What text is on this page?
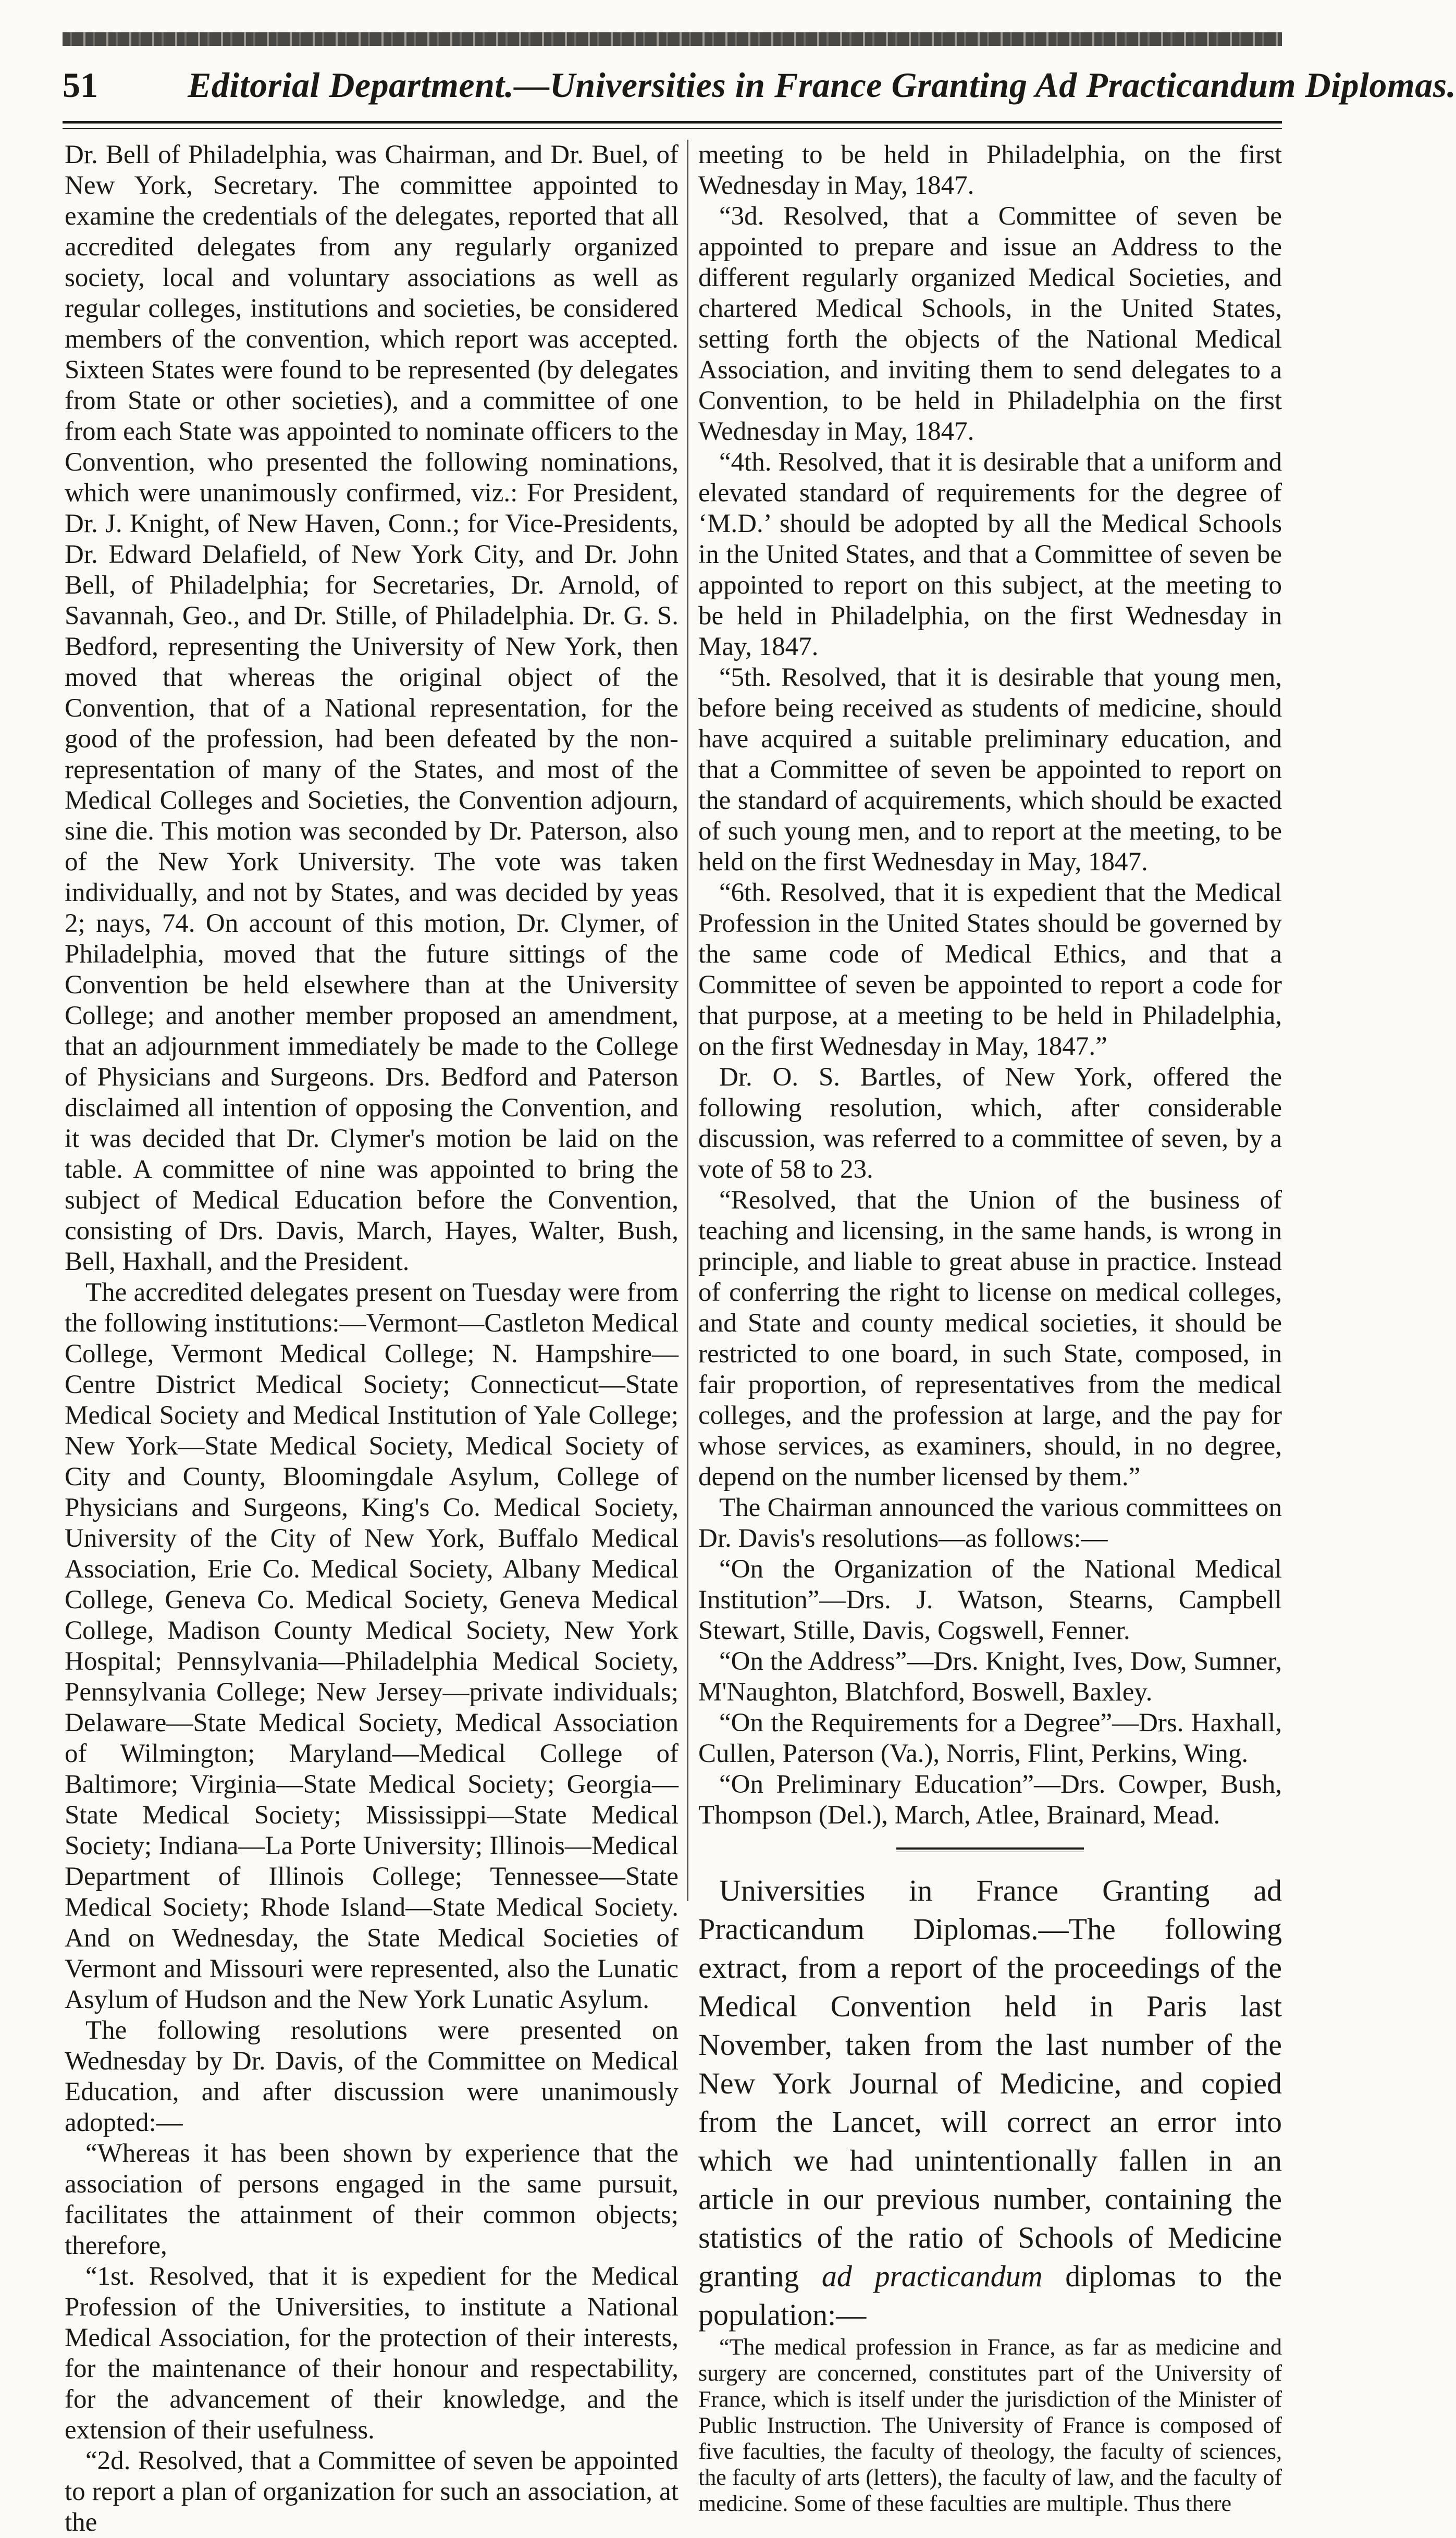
51	Editorial Department.—Universities in France Granting Ad Practicandum Diplomas.

Dr. Bell of Philadelphia, was Chairman, and Dr. Buel, of New York, Secretary. The committee appointed to examine the credentials of the delegates, reported that all accredited delegates from any regularly organized society, local and voluntary associations as well as regular colleges, institutions and societies, be considered members of the convention, which report was accepted. Sixteen States were found to be represented (by delegates from State or other societies), and a committee of one from each State was appointed to nominate officers to the Convention, who presented the following nominations, which were unanimously confirmed, viz.: For President, Dr. J. Knight, of New Haven, Conn.; for Vice-Presidents, Dr. Edward Delafield, of New York City, and Dr. John Bell, of Philadelphia; for Secretaries, Dr. Arnold, of Savannah, Geo., and Dr. Stille, of Philadelphia. Dr. G. S. Bedford, representing the University of New York, then moved that whereas the original object of the Convention, that of a National representation, for the good of the profession, had been defeated by the non-representation of many of the States, and most of the Medical Colleges and Societies, the Convention adjourn, sine die. This motion was seconded by Dr. Paterson, also of the New York University. The vote was taken individually, and not by States, and was decided by yeas 2; nays, 74. On account of this motion, Dr. Clymer, of Philadelphia, moved that the future sittings of the Convention be held elsewhere than at the University College; and another member proposed an amendment, that an adjournment immediately be made to the College of Physicians and Surgeons. Drs. Bedford and Paterson disclaimed all intention of opposing the Convention, and it was decided that Dr. Clymer's motion be laid on the table. A committee of nine was appointed to bring the subject of Medical Education before the Convention, consisting of Drs. Davis, March, Hayes, Walter, Bush, Bell, Haxhall, and the President.

The accredited delegates present on Tuesday were from the following institutions:—Vermont—Castleton Medical College, Vermont Medical College; N. Hampshire—Centre District Medical Society; Connecticut—State Medical Society and Medical Institution of Yale College; New York—State Medical Society, Medical Society of City and County, Bloomingdale Asylum, College of Physicians and Surgeons, King's Co. Medical Society, University of the City of New York, Buffalo Medical Association, Erie Co. Medical Society, Albany Medical College, Geneva Co. Medical Society, Geneva Medical College, Madison County Medical Society, New York Hospital; Pennsylvania—Philadelphia Medical Society, Pennsylvania College; New Jersey—private individuals; Delaware—State Medical Society, Medical Association of Wilmington; Maryland—Medical College of Baltimore; Virginia—State Medical Society; Georgia—State Medical Society; Mississippi—State Medical Society; Indiana—La Porte University; Illinois—Medical Department of Illinois College; Tennessee—State Medical Society; Rhode Island—State Medical Society. And on Wednesday, the State Medical Societies of Vermont and Missouri were represented, also the Lunatic Asylum of Hudson and the New York Lunatic Asylum.

The following resolutions were presented on Wednesday by Dr. Davis, of the Committee on Medical Education, and after discussion were unanimously adopted:—

“Whereas it has been shown by experience that the association of persons engaged in the same pursuit, facilitates the attainment of their common objects; therefore,

“1st. Resolved, that it is expedient for the Medical Profession of the Universities, to institute a National Medical Association, for the protection of their interests, for the maintenance of their honour and respectability, for the advancement of their knowledge, and the extension of their usefulness.

“2d. Resolved, that a Committee of seven be appointed to report a plan of organization for such an association, at the

meeting to be held in Philadelphia, on the first Wednesday in May, 1847.

“3d. Resolved, that a Committee of seven be appointed to prepare and issue an Address to the different regularly organized Medical Societies, and chartered Medical Schools, in the United States, setting forth the objects of the National Medical Association, and inviting them to send delegates to a Convention, to be held in Philadelphia on the first Wednesday in May, 1847.

“4th. Resolved, that it is desirable that a uniform and elevated standard of requirements for the degree of ‘M.D.’ should be adopted by all the Medical Schools in the United States, and that a Committee of seven be appointed to report on this subject, at the meeting to be held in Philadelphia, on the first Wednesday in May, 1847.

“5th. Resolved, that it is desirable that young men, before being received as students of medicine, should have acquired a suitable preliminary education, and that a Committee of seven be appointed to report on the standard of acquirements, which should be exacted of such young men, and to report at the meeting, to be held on the first Wednesday in May, 1847.

“6th. Resolved, that it is expedient that the Medical Profession in the United States should be governed by the same code of Medical Ethics, and that a Committee of seven be appointed to report a code for that purpose, at a meeting to be held in Philadelphia, on the first Wednesday in May, 1847.”

Dr. O. S. Bartles, of New York, offered the following resolution, which, after considerable discussion, was referred to a committee of seven, by a vote of 58 to 23.

“Resolved, that the Union of the business of teaching and licensing, in the same hands, is wrong in principle, and liable to great abuse in practice. Instead of conferring the right to license on medical colleges, and State and county medical societies, it should be restricted to one board, in such State, composed, in fair proportion, of representatives from the medical colleges, and the profession at large, and the pay for whose services, as examiners, should, in no degree, depend on the number licensed by them.”

The Chairman announced the various committees on Dr. Davis's resolutions—as follows:—

“On the Organization of the National Medical Institution”—Drs. J. Watson, Stearns, Campbell Stewart, Stille, Davis, Cogswell, Fenner.

“On the Address”—Drs. Knight, Ives, Dow, Sumner, M'Naughton, Blatchford, Boswell, Baxley.

“On the Requirements for a Degree”—Drs. Haxhall, Cullen, Paterson (Va.), Norris, Flint, Perkins, Wing.

“On Preliminary Education”—Drs. Cowper, Bush, Thompson (Del.), March, Atlee, Brainard, Mead.

Universities in France Granting ad Practicandum Diplomas.—The following extract, from a report of the proceedings of the Medical Convention held in Paris last November, taken from the last number of the New York Journal of Medicine, and copied from the Lancet, will correct an error into which we had unintentionally fallen in an article in our previous number, containing the statistics of the ratio of Schools of Medicine granting ad practicandum diplomas to the population:—

“The medical profession in France, as far as medicine and surgery are concerned, constitutes part of the University of France, which is itself under the jurisdiction of the Minister of Public Instruction. The University of France is composed of five faculties, the faculty of theology, the faculty of sciences, the faculty of arts (letters), the faculty of law, and the faculty of medicine. Some of these faculties are multiple. Thus there
